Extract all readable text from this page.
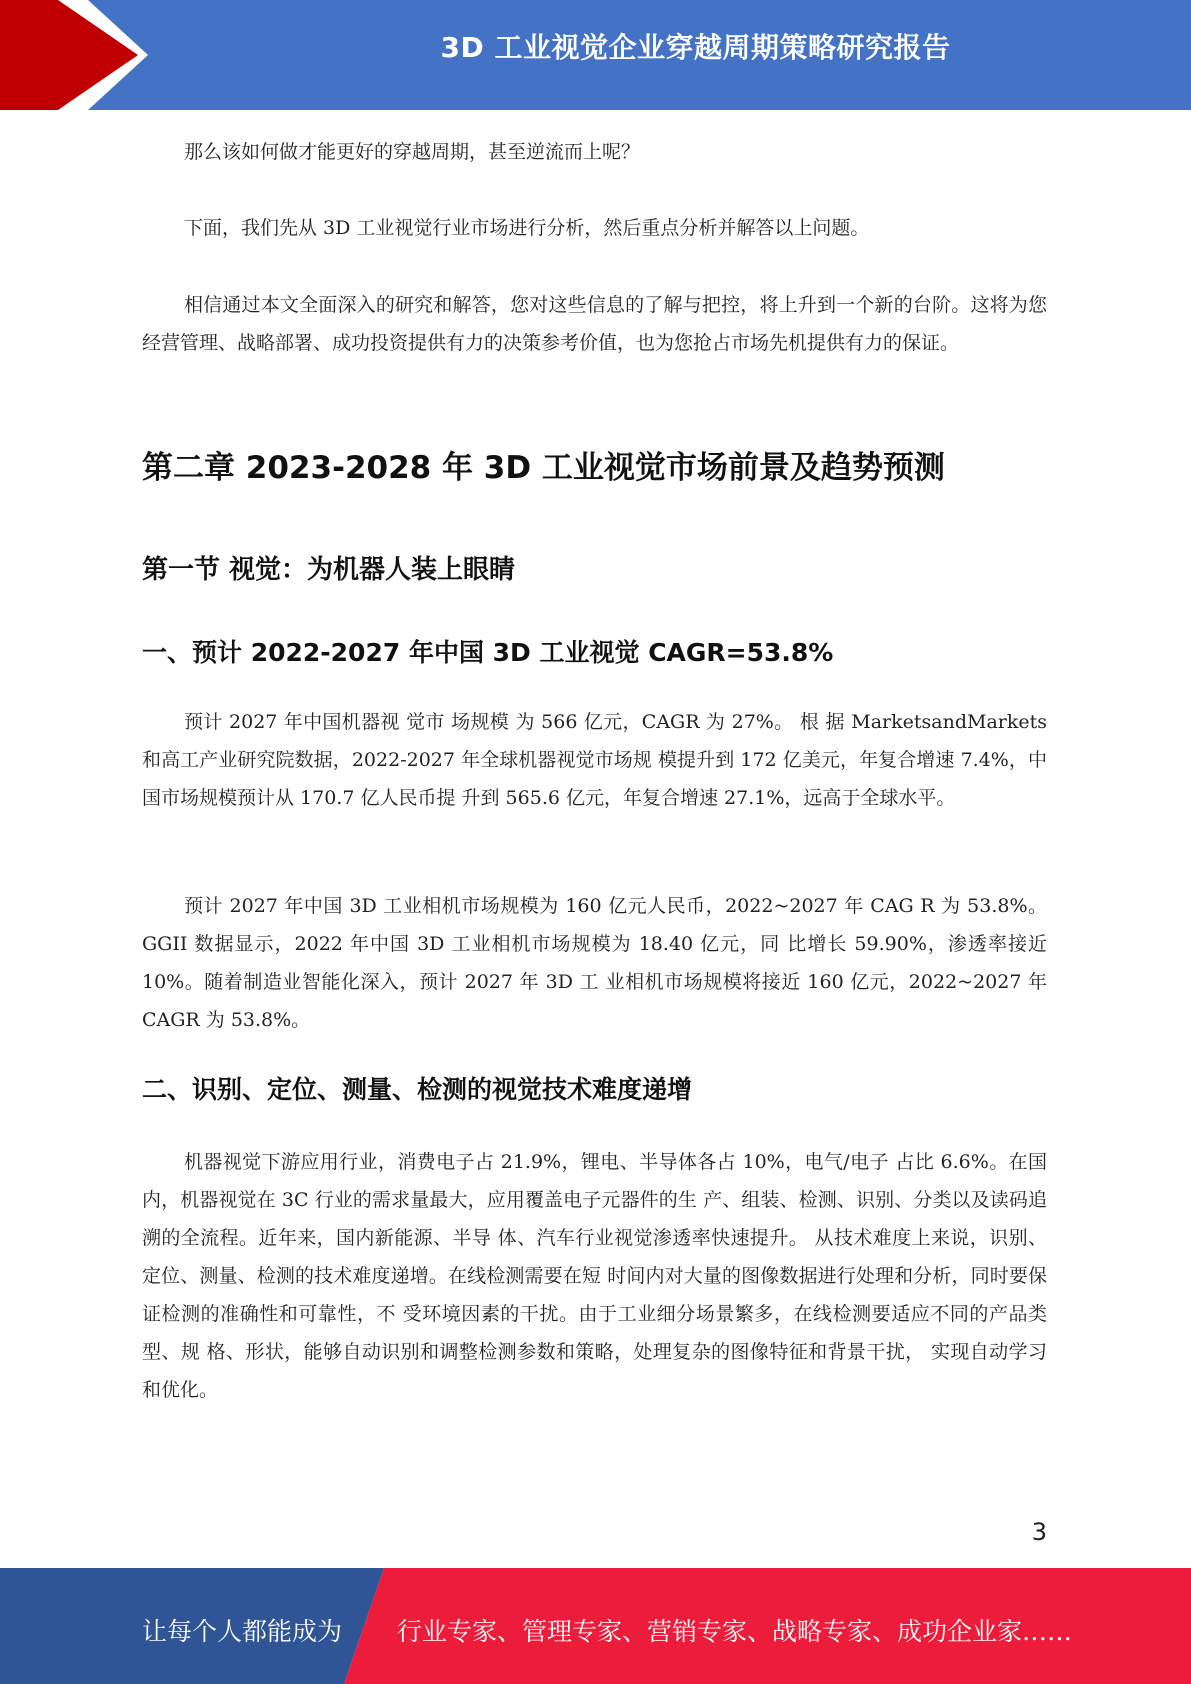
3D 工业视觉企业穿越周期策略研究报告

那么该如何做才能更好的穿越周期，甚至逆流而上呢？

下面，我们先从 3D 工业视觉行业市场进行分析，然后重点分析并解答以上问题。

相信通过本文全面深入的研究和解答，您对这些信息的了解与把控，将上升到一个新的台阶。这将为您经营管理、战略部署、成功投资提供有力的决策参考价值，也为您抢占市场先机提供有力的保证。

第二章 2023-2028 年 3D 工业视觉市场前景及趋势预测
第一节 视觉：为机器人装上眼睛
一、预计 2022-2027 年中国 3D 工业视觉 CAGR=53.8%

预计 2027 年中国机器视 觉市 场规模 为 566 亿元，CAGR 为 27%。 根 据 MarketsandMarkets 和高工产业研究院数据，2022-2027 年全球机器视觉市场规 模提升到 172 亿美元，年复合增速 7.4%，中国市场规模预计从 170.7 亿人民币提 升到 565.6 亿元，年复合增速 27.1%，远高于全球水平。

预计 2027 年中国 3D 工业相机市场规模为 160 亿元人民币，2022~2027 年 CAG R 为 53.8%。GGII 数据显示，2022 年中国 3D 工业相机市场规模为 18.40 亿元，同 比增长 59.90%，渗透率接近 10%。随着制造业智能化深入，预计 2027 年 3D 工 业相机市场规模将接近 160 亿元，2022~2027 年 CAGR 为 53.8%。

二、识别、定位、测量、检测的视觉技术难度递增

机器视觉下游应用行业，消费电子占 21.9%，锂电、半导体各占 10%，电气/电子 占比 6.6%。在国内，机器视觉在 3C 行业的需求量最大，应用覆盖电子元器件的生 产、组装、检测、识别、分类以及读码追溯的全流程。近年来，国内新能源、半导 体、汽车行业视觉渗透率快速提升。 从技术难度上来说，识别、定位、测量、检测的技术难度递增。在线检测需要在短 时间内对大量的图像数据进行处理和分析，同时要保证检测的准确性和可靠性，不 受环境因素的干扰。由于工业细分场景繁多，在线检测要适应不同的产品类型、规 格、形状，能够自动识别和调整检测参数和策略，处理复杂的图像特征和背景干扰， 实现自动学习和优化。

3
让每个人都能成为 行业专家、管理专家、营销专家、战略专家、成功企业家……
